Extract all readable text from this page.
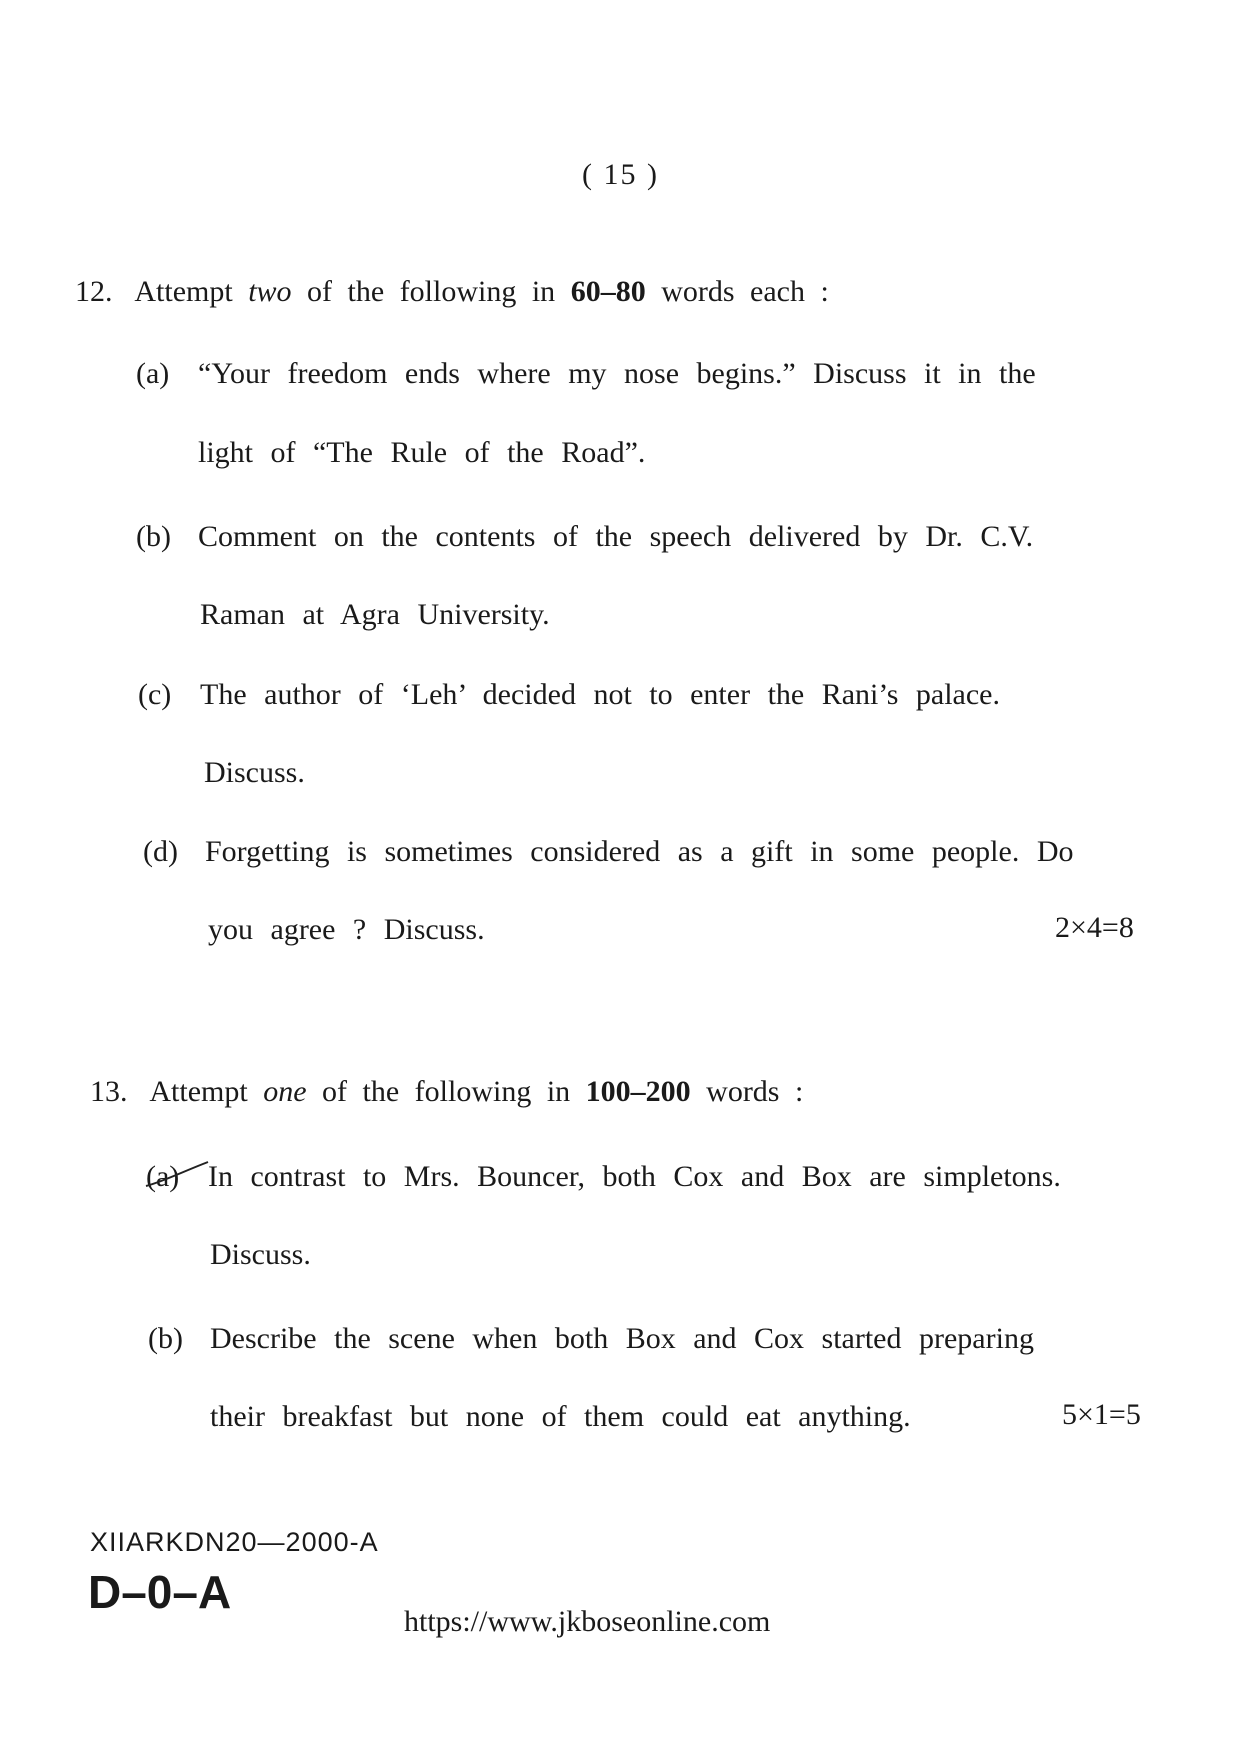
( 15 )
12. Attempt two of the following in 60–80 words each :
(a) “Your freedom ends where my nose begins.” Discuss it in the
light of “The Rule of the Road”.
(b) Comment on the contents of the speech delivered by Dr. C.V.
Raman at Agra University.
(c) The author of ‘Leh’ decided not to enter the Rani’s palace.
Discuss.
(d) Forgetting is sometimes considered as a gift in some people. Do
you agree ? Discuss.	2×4=8
13. Attempt one of the following in 100–200 words :
(a) In contrast to Mrs. Bouncer, both Cox and Box are simpletons.
Discuss.
(b) Describe the scene when both Box and Cox started preparing
their breakfast but none of them could eat anything.	5×1=5
XIIARKDN20—2000-A
D–0–A
https://www.jkboseonline.com
